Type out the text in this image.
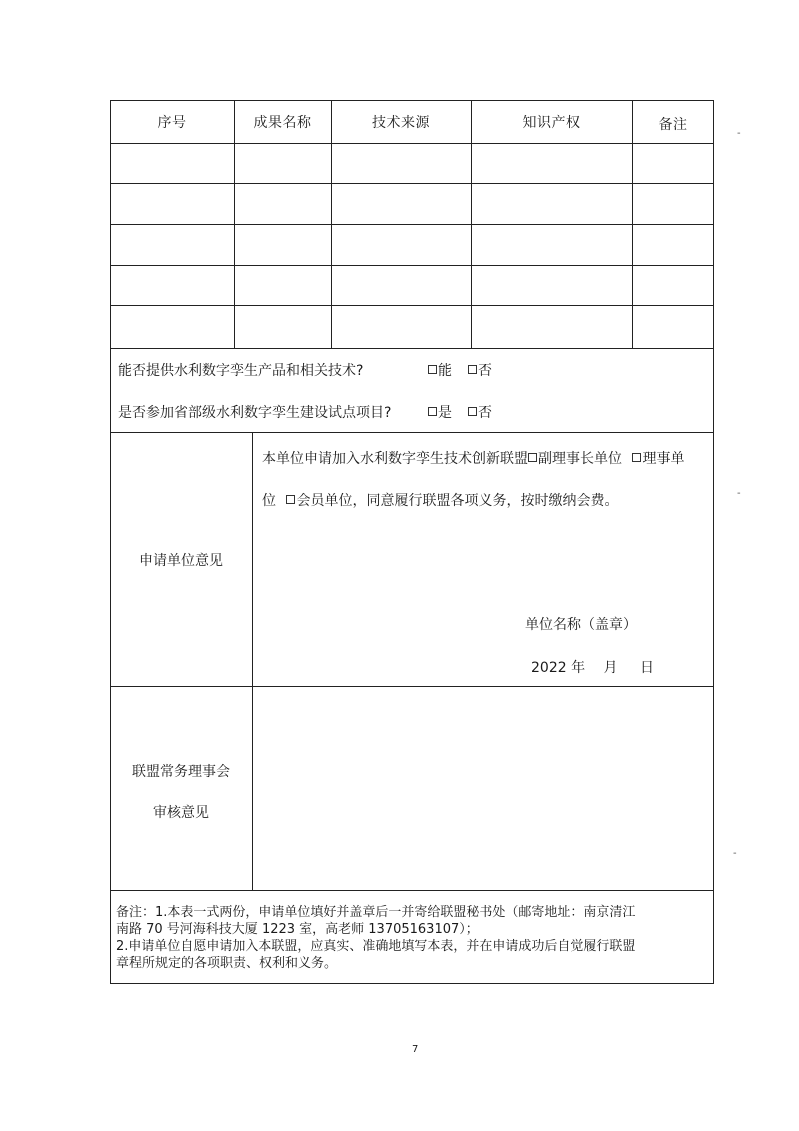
序号	成果名称	技术来源	知识产权	备注
能否提供水利数字孪生产品和相关技术?	能	否
是否参加省部级水利数字孪生建设试点项目?	是	否
申请单位意见
本单位申请加入水利数字孪生技术创新联盟 副理事长单位 理事单
位 会员单位，同意履行联盟各项义务，按时缴纳会费。
单位名称（盖章）
2022 年 月 日
联盟常务理事会
审核意见
备注：1.本表一式两份，申请单位填好并盖章后一并寄给联盟秘书处（邮寄地址：南京清江
南路 70 号河海科技大厦 1223 室，高老师 13705163107）；
2.申请单位自愿申请加入本联盟，应真实、准确地填写本表，并在申请成功后自觉履行联盟
章程所规定的各项职责、权利和义务。
7
-
-
-
